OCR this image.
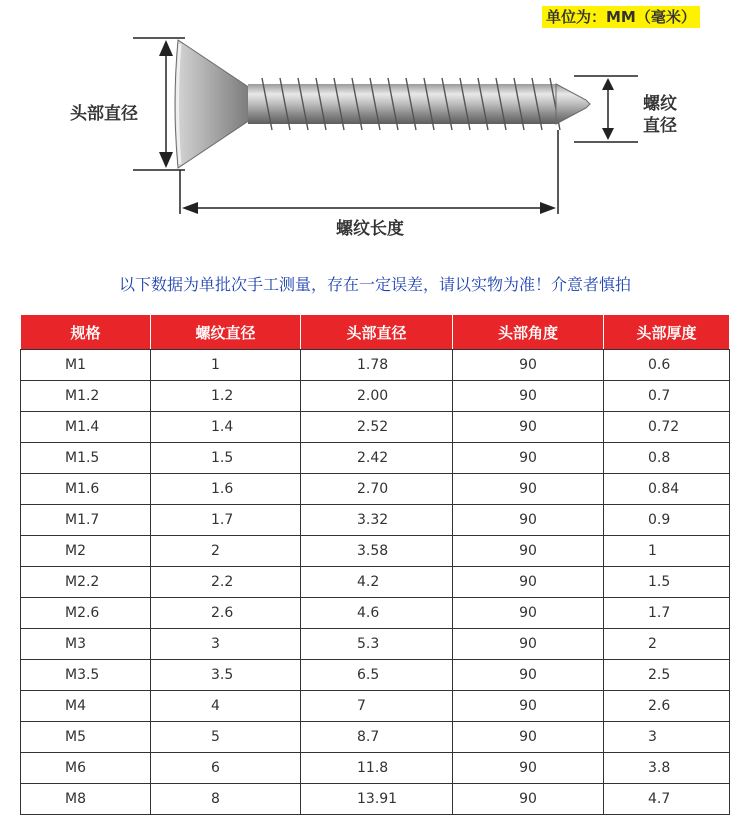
单位为：MM（毫米）
头部直径	螺纹
直径
螺纹长度
以下数据为单批次手工测量，存在一定误差，请以实物为准！介意者慎拍
规格	螺纹直径	头部直径	头部角度	头部厚度

M1	1	1.78	90	0.6

M1.2	1.2	2.00	90	0.7

M1.4	1.4	2.52	90	0.72

M1.5	1.5	2.42	90	0.8

M1.6	1.6	2.70	90	0.84

M1.7	1.7	3.32	90	0.9

M2	2	3.58	90	1

M2.2	2.2	4.2	90	1.5

M2.6	2.6	4.6	90	1.7

M3	3	5.3	90	2

M3.5	3.5	6.5	90	2.5

M4	4	7	90	2.6

M5	5	8.7	90	3

M6	6	11.8	90	3.8

M8	8	13.91	90	4.7
